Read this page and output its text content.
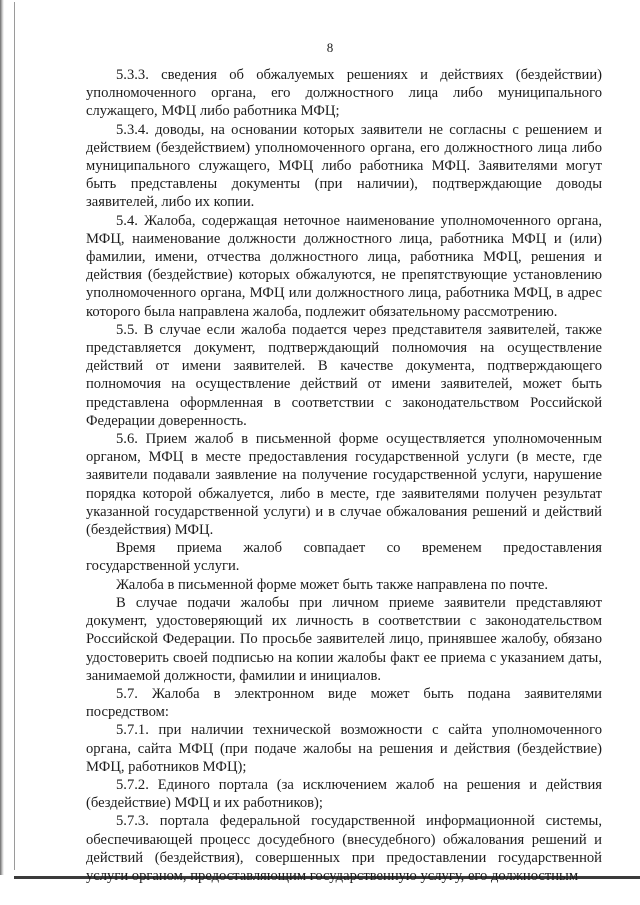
8

5.3.3. сведения об обжалуемых решениях и действиях (бездействии) уполномоченного органа, его должностного лица либо муниципального служащего, МФЦ либо работника МФЦ;

5.3.4. доводы, на основании которых заявители не согласны с решением и действием (бездействием) уполномоченного органа, его должностного лица либо муниципального служащего, МФЦ либо работника МФЦ. Заявителями могут быть представлены документы (при наличии), подтверждающие доводы заявителей, либо их копии.

5.4. Жалоба, содержащая неточное наименование уполномоченного органа, МФЦ, наименование должности должностного лица, работника МФЦ и (или) фамилии, имени, отчества должностного лица, работника МФЦ, решения и действия (бездействие) которых обжалуются, не препятствующие установлению уполномоченного органа, МФЦ или должностного лица, работника МФЦ, в адрес которого была направлена жалоба, подлежит обязательному рассмотрению.

5.5. В случае если жалоба подается через представителя заявителей, также представляется документ, подтверждающий полномочия на осуществление действий от имени заявителей. В качестве документа, подтверждающего полномочия на осуществление действий от имени заявителей, может быть представлена оформленная в соответствии с законодательством Российской Федерации доверенность.

5.6. Прием жалоб в письменной форме осуществляется уполномоченным органом, МФЦ в месте предоставления государственной услуги (в месте, где заявители подавали заявление на получение государственной услуги, нарушение порядка которой обжалуется, либо в месте, где заявителями получен результат указанной государственной услуги) и в случае обжалования решений и действий (бездействия) МФЦ.

Время приема жалоб совпадает со временем предоставления государственной услуги.

Жалоба в письменной форме может быть также направлена по почте.

В случае подачи жалобы при личном приеме заявители представляют документ, удостоверяющий их личность в соответствии с законодательством Российской Федерации. По просьбе заявителей лицо, принявшее жалобу, обязано удостоверить своей подписью на копии жалобы факт ее приема с указанием даты, занимаемой должности, фамилии и инициалов.

5.7. Жалоба в электронном виде может быть подана заявителями посредством:

5.7.1. при наличии технической возможности с сайта уполномоченного органа, сайта МФЦ (при подаче жалобы на решения и действия (бездействие) МФЦ, работников МФЦ);

5.7.2. Единого портала (за исключением жалоб на решения и действия (бездействие) МФЦ и их работников);

5.7.3. портала федеральной государственной информационной системы, обеспечивающей процесс досудебного (внесудебного) обжалования решений и действий (бездействия), совершенных при предоставлении государственной услуги органом, предоставляющим государственную услугу, его должностным
